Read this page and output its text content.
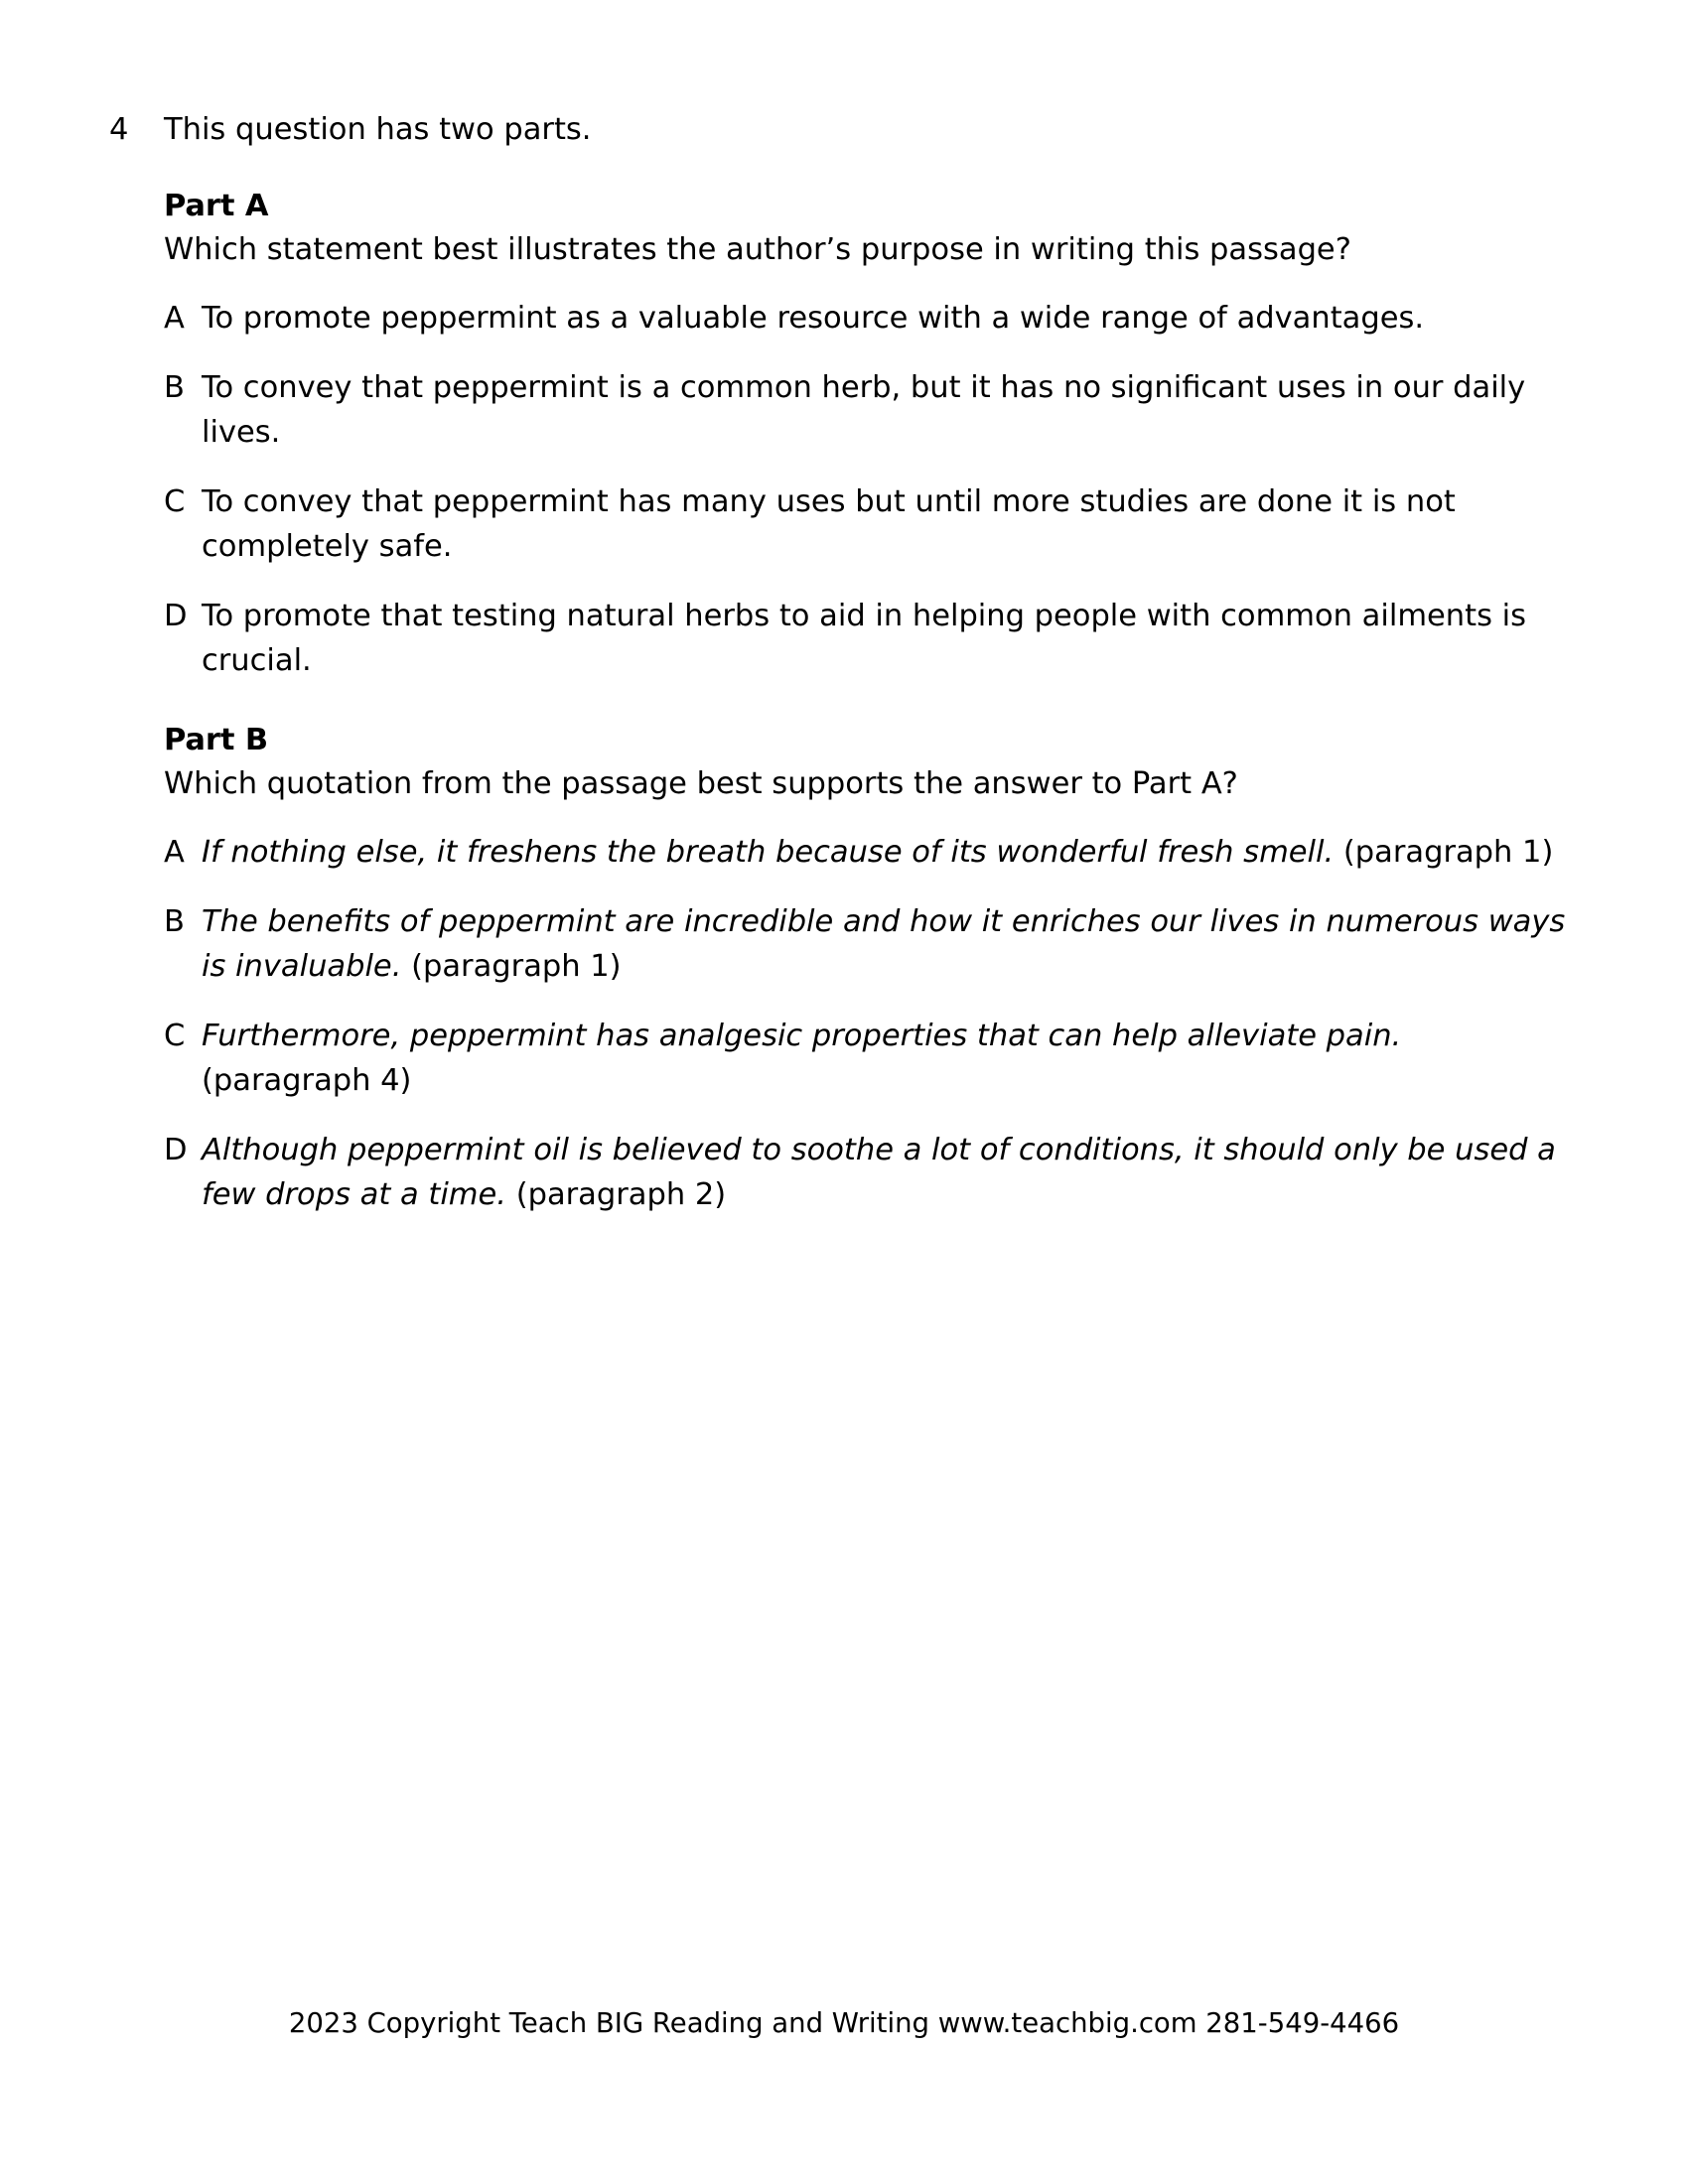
4	This question has two parts.
Part A
Which statement best illustrates the author’s purpose in writing this passage?
A To promote peppermint as a valuable resource with a wide range of advantages.
B To convey that peppermint is a common herb, but it has no significant uses in our daily lives.
C To convey that peppermint has many uses but until more studies are done it is not completely safe.
D To promote that testing natural herbs to aid in helping people with common ailments is crucial.
Part B
Which quotation from the passage best supports the answer to Part A?
A If nothing else, it freshens the breath because of its wonderful fresh smell. (paragraph 1)
B The benefits of peppermint are incredible and how it enriches our lives in numerous ways is invaluable. (paragraph 1)
C Furthermore, peppermint has analgesic properties that can help alleviate pain. (paragraph 4)
D Although peppermint oil is believed to soothe a lot of conditions, it should only be used a few drops at a time. (paragraph 2)
2023 Copyright Teach BIG Reading and Writing www.teachbig.com 281-549-4466
